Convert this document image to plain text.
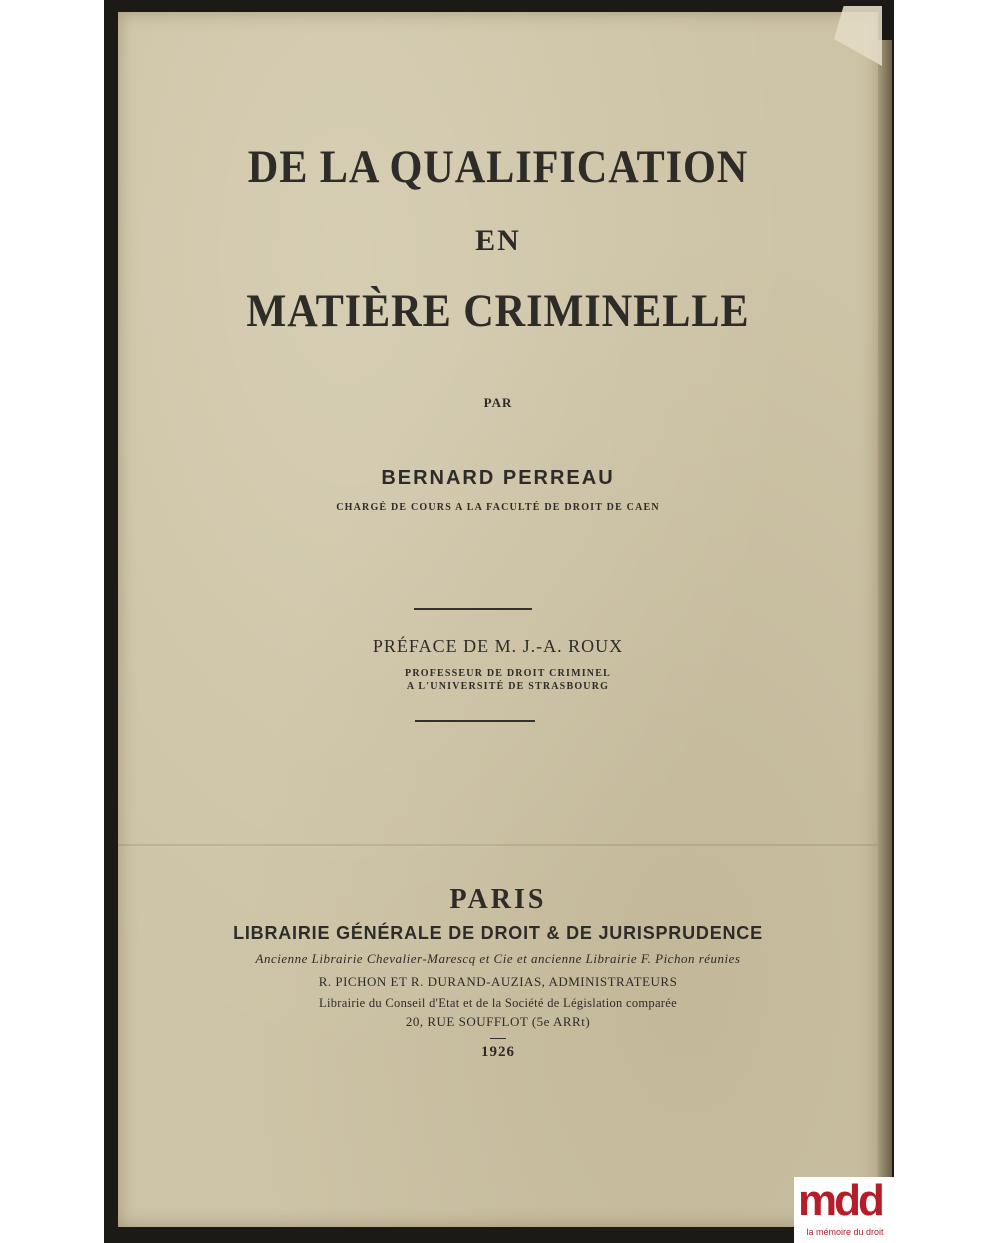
DE LA QUALIFICATION
EN
MATIÈRE CRIMINELLE
PAR
BERNARD PERREAU
CHARGÉ DE COURS A LA FACULTÉ DE DROIT DE CAEN
PRÉFACE DE M. J.-A. ROUX
PROFESSEUR DE DROIT CRIMINEL
A L'UNIVERSITÉ DE STRASBOURG
PARIS
LIBRAIRIE GÉNÉRALE DE DROIT & DE JURISPRUDENCE
Ancienne Librairie Chevalier-Marescq et Cie et ancienne Librairie F. Pichon réunies
R. PICHON ET R. DURAND-AUZIAS, ADMINISTRATEURS
Librairie du Conseil d'Etat et de la Société de Législation comparée
20, RUE SOUFFLOT (5e ARRt)
1926
mdd
la mémoire du droit
